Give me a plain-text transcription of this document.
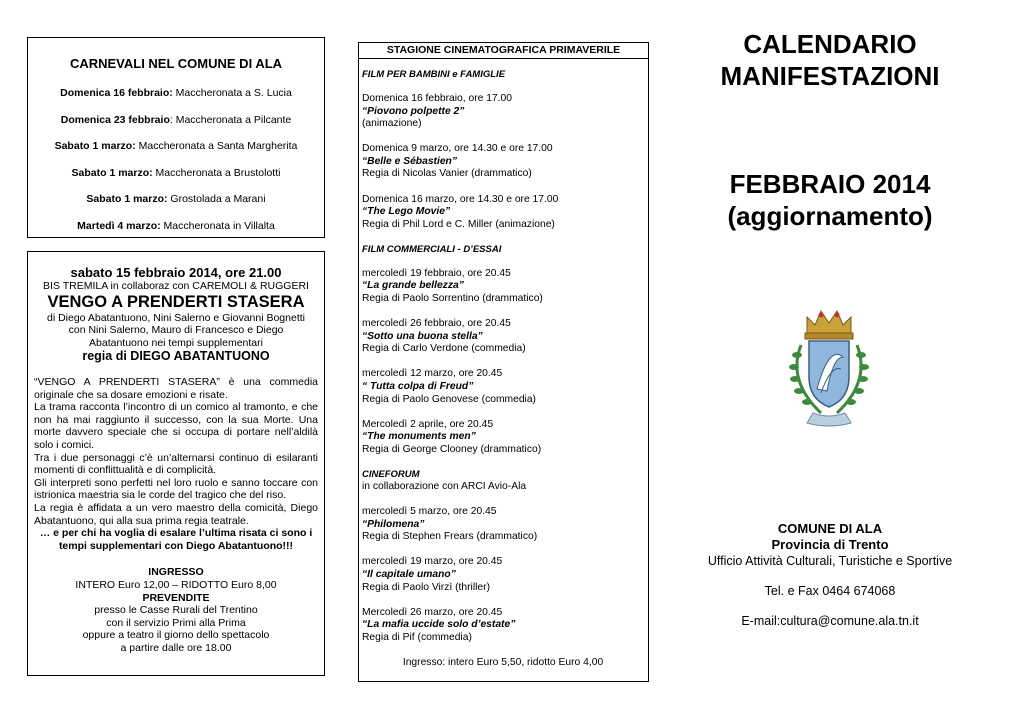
CARNEVALI NEL COMUNE DI ALA
Domenica 16 febbraio: Maccheronata a S. Lucia
Domenica 23 febbraio: Maccheronata a Pilcante
Sabato 1 marzo: Maccheronata a Santa Margherita
Sabato 1 marzo: Maccheronata a Brustolotti
Sabato 1 marzo: Grostolada a Marani
Martedì 4 marzo: Maccheronata in Villalta
sabato 15 febbraio 2014, ore 21.00
BIS TREMILA in collaboraz con CAREMOLI & RUGGERI
VENGO A PRENDERTI STASERA
di Diego Abatantuono, Nini Salerno e Giovanni Bognetti
con Nini Salerno, Mauro di Francesco e Diego
Abatantuono nei tempi supplementari
regia di DIEGO ABATANTUONO

“VENGO A PRENDERTI STASERA” è una commedia originale che sa dosare emozioni e risate.

La trama racconta l’incontro di un comico al tramonto, e che non ha mai raggiunto il successo, con la sua Morte. Una morte davvero speciale che si occupa di portare nell’aldilà solo i comici.

Tra i due personaggi c’è un’alternarsi continuo di esilaranti momenti di conflittualità e di complicità.

Gli interpreti sono perfetti nel loro ruolo e sanno toccare con istrionica maestria sia le corde del tragico che del riso.

La regia è affidata a un vero maestro della comicità, Diego Abatantuono, qui alla sua prima regia teatrale.

… e per chi ha voglia di esalare l’ultima risata ci sono i tempi supplementari con Diego Abatantuono!!!

INGRESSO
INTERO Euro 12,00 – RIDOTTO Euro 8,00
PREVENDITE
presso le Casse Rurali del Trentino
con il servizio Primi alla Prima
oppure a teatro il giorno dello spettacolo
a partire dalle ore 18.00
STAGIONE CINEMATOGRAFICA PRIMAVERILE
FILM PER BAMBINI e FAMIGLIE
Domenica 16 febbraio, ore 17.00
“Piovono polpette 2”
(animazione)
Domenica 9 marzo, ore 14.30 e ore 17.00
“Belle e Sébastien”
Regia di Nicolas Vanier (drammatico)
Domenica 16 marzo, ore 14.30 e ore 17.00
“The Lego Movie”
Regia di Phil Lord e C. Miller (animazione)
FILM COMMERCIALI - D’ESSAI
mercoledì 19 febbraio, ore 20.45
“La grande bellezza”
Regia di Paolo Sorrentino (drammatico)
mercoledì 26 febbraio, ore 20.45
“Sotto una buona stella”
Regia di Carlo Verdone (commedia)
mercoledì 12 marzo, ore 20.45
“ Tutta colpa di Freud”
Regia di Paolo Genovese (commedia)
Mercoledì 2 aprile, ore 20.45
“The monuments men”
Regia di George Clooney (drammatico)
CINEFORUM
in collaborazione con ARCI Avio-Ala
mercoledì 5 marzo, ore 20.45
“Philomena”
Regia di Stephen Frears (drammatico)
mercoledì 19 marzo, ore 20.45
“Il capitale umano”
Regia di Paolo Virzì (thriller)
Mercoledì 26 marzo, ore 20.45
“La mafia uccide solo d’estate”
Regia di Pif (commedia)
Ingresso: intero Euro 5,50, ridotto Euro 4,00
CALENDARIO
MANIFESTAZIONI
FEBBRAIO 2014
(aggiornamento)
COMUNE DI ALA
Provincia di Trento
Ufficio Attività Culturali, Turistiche e Sportive
Tel. e Fax 0464 674068
E-mail:cultura@comune.ala.tn.it
